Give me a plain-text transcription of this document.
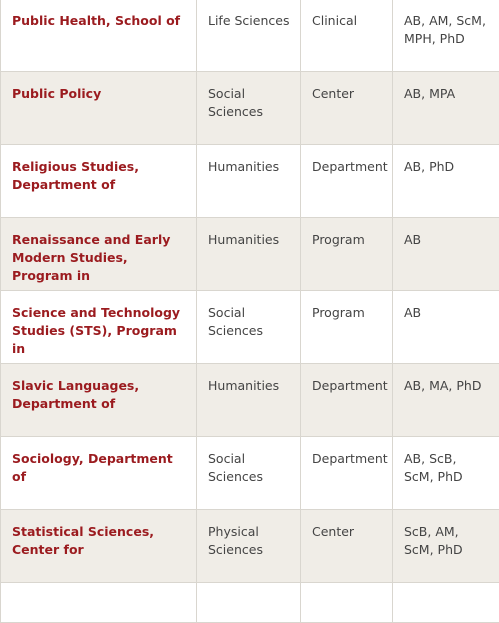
Public Health, School of	Life Sciences	Clinical	AB, AM, ScM, MPH, PhD
Public Policy	Social Sciences	Center	AB, MPA
Religious Studies, Department of	Humanities	Department	AB, PhD
Renaissance and Early Modern Studies, Program in	Humanities	Program	AB
Science and Technology Studies (STS), Program in	Social Sciences	Program	AB
Slavic Languages, Department of	Humanities	Department	AB, MA, PhD
Sociology, Department of	Social Sciences	Department	AB, ScB, ScM, PhD
Statistical Sciences, Center for	Physical Sciences	Center	ScB, AM, ScM, PhD
